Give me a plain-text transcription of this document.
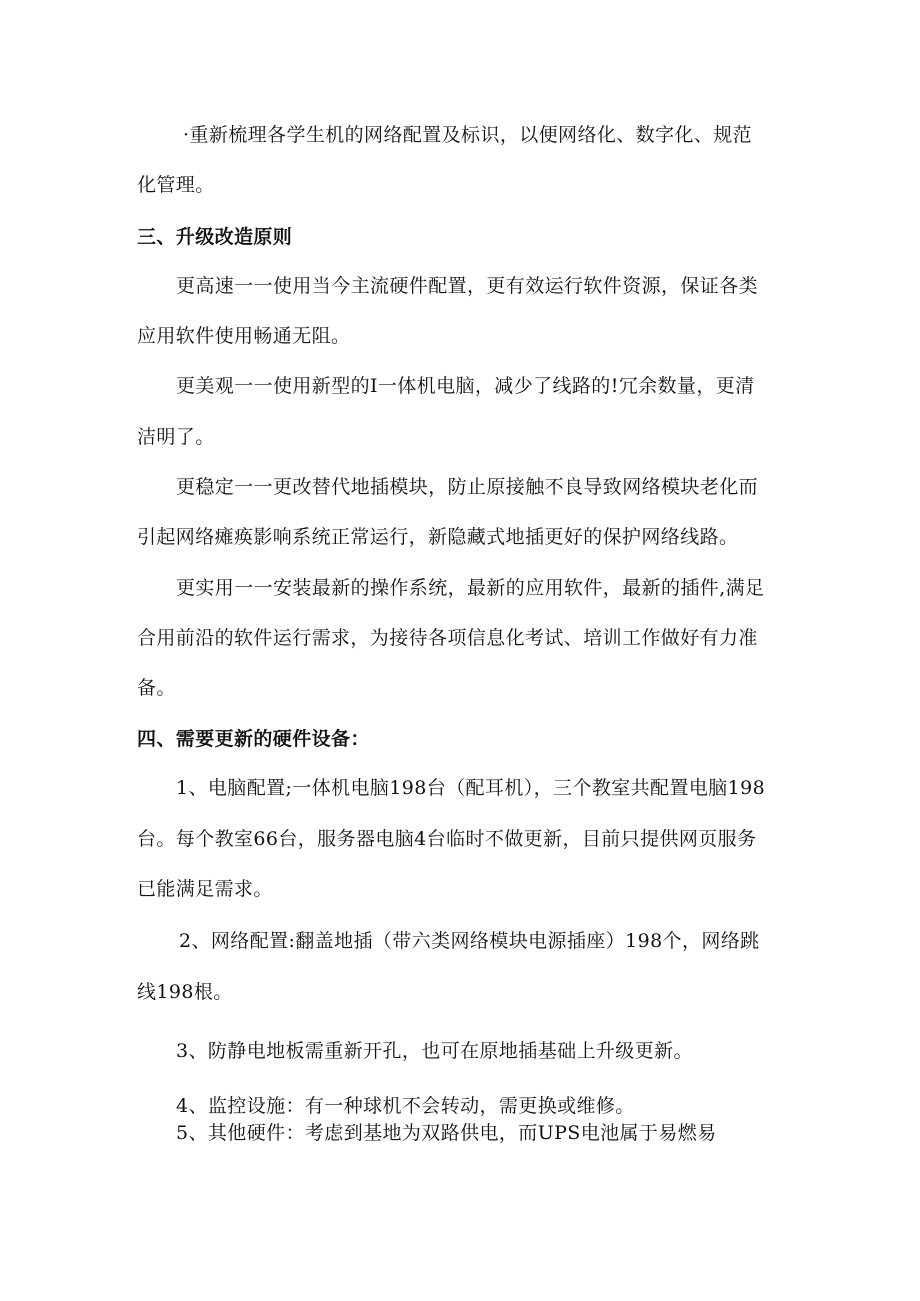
·重新梳理各学生机的网络配置及标识，以便网络化、数字化、规范
化管理。
三、升级改造原则
更高速一一使用当今主流硬件配置，更有效运行软件资源，保证各类
应用软件使用畅通无阻。
更美观一一使用新型的I一体机电脑，减少了线路的!冗余数量，更清
洁明了。
更稳定一一更改替代地插模块，防止原接触不良导致网络模块老化而
引起网络瘫痪影响系统正常运行，新隐藏式地插更好的保护网络线路。
更实用一一安装最新的操作系统，最新的应用软件，最新的插件,满足
合用前沿的软件运行需求，为接待各项信息化考试、培训工作做好有力准
备。
四、需要更新的硬件设备：
1、电脑配置;一体机电脑198台（配耳机），三个教室共配置电脑198
台。每个教室66台，服务器电脑4台临时不做更新，目前只提供网页服务
已能满足需求。
2、网络配置:翻盖地插（带六类网络模块电源插座）198个，网络跳
线198根。
3、防静电地板需重新开孔，也可在原地插基础上升级更新。
4、监控设施：有一种球机不会转动，需更换或维修。
5、其他硬件：考虑到基地为双路供电，而UPS电池属于易燃易
